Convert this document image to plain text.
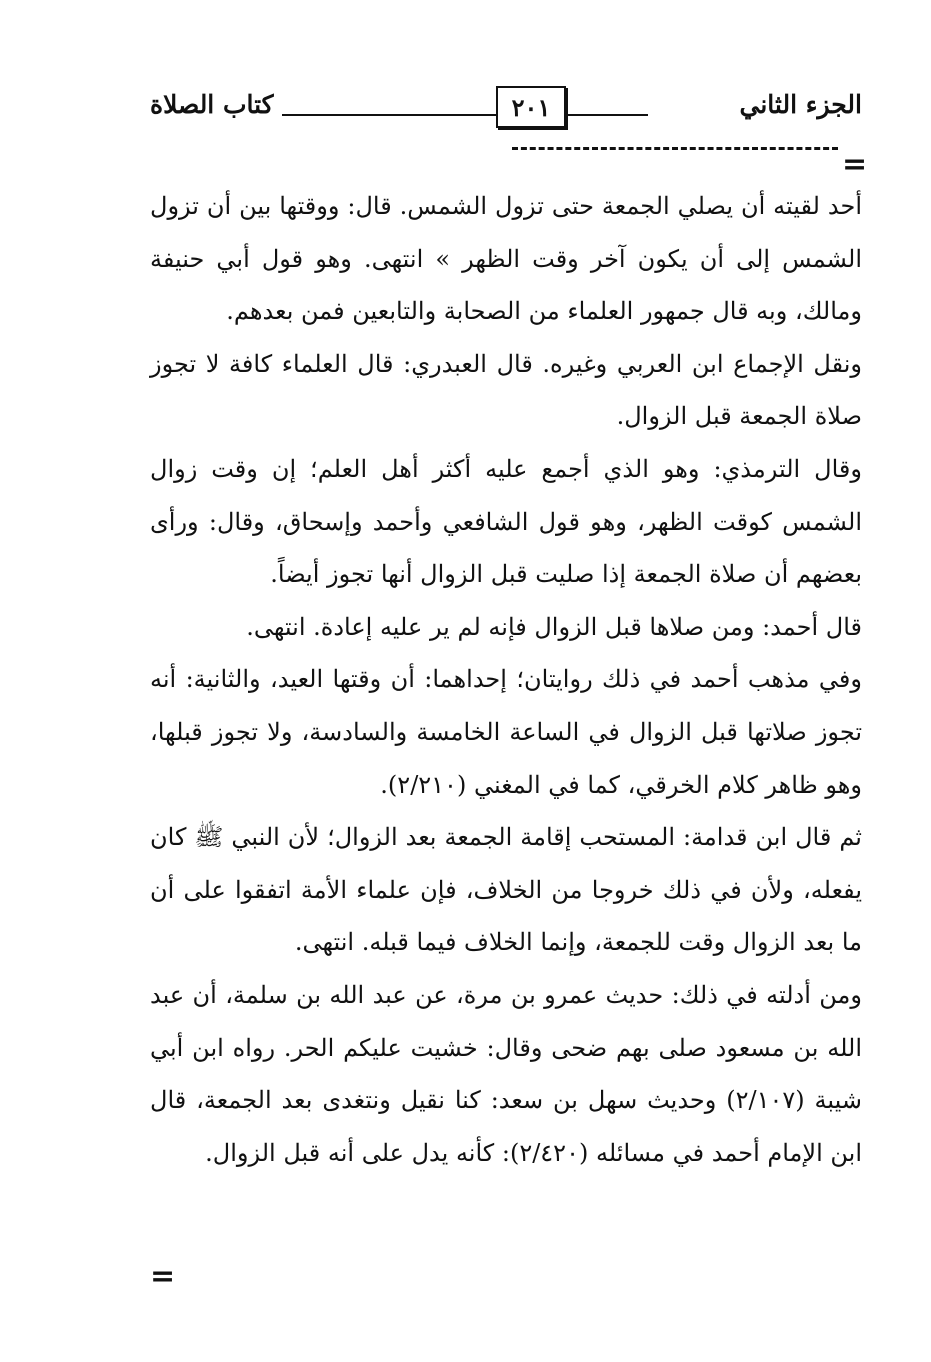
الجزء الثاني
٢٠١
كتاب الصلاة
=

أحد لقيته أن يصلي الجمعة حتى تزول الشمس. قال: ووقتها بين أن تزول الشمس إلى أن يكون آخر وقت الظهر » انتهى. وهو قول أبي حنيفة ومالك، وبه قال جمهور العلماء من الصحابة والتابعين فمن بعدهم.

ونقل الإجماع ابن العربي وغيره. قال العبدري: قال العلماء كافة لا تجوز صلاة الجمعة قبل الزوال.

وقال الترمذي: وهو الذي أجمع عليه أكثر أهل العلم؛ إن وقت زوال الشمس كوقت الظهر، وهو قول الشافعي وأحمد وإسحاق، وقال: ورأى بعضهم أن صلاة الجمعة إذا صليت قبل الزوال أنها تجوز أيضاً.

قال أحمد: ومن صلاها قبل الزوال فإنه لم ير عليه إعادة. انتهى.

وفي مذهب أحمد في ذلك روايتان؛ إحداهما: أن وقتها العيد، والثانية: أنه تجوز صلاتها قبل الزوال في الساعة الخامسة والسادسة، ولا تجوز قبلها، وهو ظاهر كلام الخرقي، كما في المغني (٢/٢١٠).

ثم قال ابن قدامة: المستحب إقامة الجمعة بعد الزوال؛ لأن النبي ﷺ كان يفعله، ولأن في ذلك خروجا من الخلاف، فإن علماء الأمة اتفقوا على أن ما بعد الزوال وقت للجمعة، وإنما الخلاف فيما قبله. انتهى.

ومن أدلته في ذلك: حديث عمرو بن مرة، عن عبد الله بن سلمة، أن عبد الله بن مسعود صلى بهم ضحى وقال: خشيت عليكم الحر. رواه ابن أبي شيبة (٢/١٠٧) وحديث سهل بن سعد: كنا نقيل ونتغدى بعد الجمعة، قال ابن الإمام أحمد في مسائله (٢/٤٢٠): كأنه يدل على أنه قبل الزوال.

=
